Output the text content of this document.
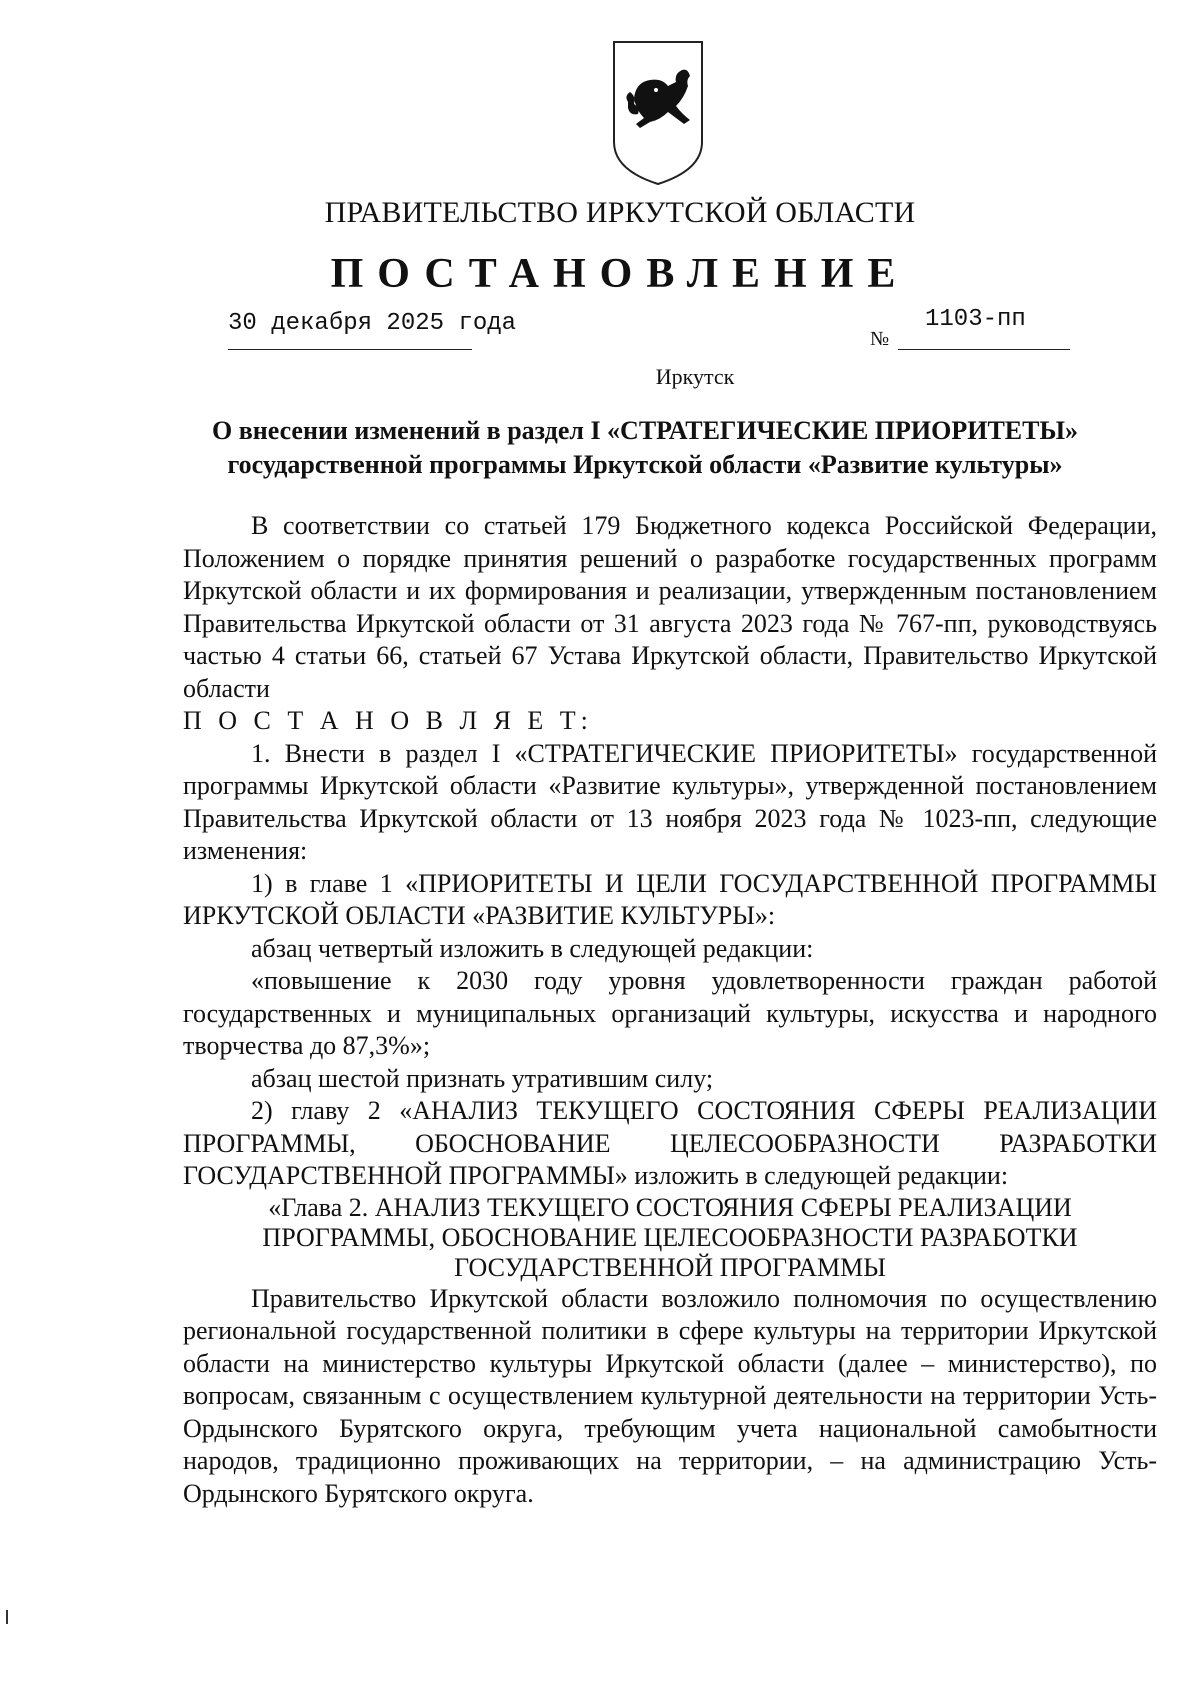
ПРАВИТЕЛЬСТВО ИРКУТСКОЙ ОБЛАСТИ
ПОСТАНОВЛЕНИЕ
30 декабря 2025 года
№
1103-пп
Иркутск
О внесении изменений в раздел I «СТРАТЕГИЧЕСКИЕ ПРИОРИТЕТЫ»
государственной программы Иркутской области «Развитие культуры»

В соответствии со статьей 179 Бюджетного кодекса Российской Федерации, Положением о порядке принятия решений о разработке государственных программ Иркутской области и их формирования и реализации, утвержденным постановлением Правительства Иркутской области от 31 августа 2023 года № 767-пп, руководствуясь частью 4 статьи 66, статьей 67 Устава Иркутской области, Правительство Иркутской области

П О С Т А Н О В Л Я Е Т:

1. Внести в раздел I «СТРАТЕГИЧЕСКИЕ ПРИОРИТЕТЫ» государственной программы Иркутской области «Развитие культуры», утвержденной постановлением Правительства Иркутской области от 13 ноября 2023 года № 1023-пп, следующие изменения:

1) в главе 1 «ПРИОРИТЕТЫ И ЦЕЛИ ГОСУДАРСТВЕННОЙ ПРОГРАММЫ ИРКУТСКОЙ ОБЛАСТИ «РАЗВИТИЕ КУЛЬТУРЫ»:

абзац четвертый изложить в следующей редакции:

«повышение к 2030 году уровня удовлетворенности граждан работой государственных и муниципальных организаций культуры, искусства и народного творчества до 87,3%»;

абзац шестой признать утратившим силу;

2) главу 2 «АНАЛИЗ ТЕКУЩЕГО СОСТОЯНИЯ СФЕРЫ РЕАЛИЗАЦИИ ПРОГРАММЫ, ОБОСНОВАНИЕ ЦЕЛЕСООБРАЗНОСТИ РАЗРАБОТКИ ГОСУДАРСТВЕННОЙ ПРОГРАММЫ» изложить в следующей редакции:

«Глава 2. АНАЛИЗ ТЕКУЩЕГО СОСТОЯНИЯ СФЕРЫ РЕАЛИЗАЦИИ

ПРОГРАММЫ, ОБОСНОВАНИЕ ЦЕЛЕСООБРАЗНОСТИ РАЗРАБОТКИ

ГОСУДАРСТВЕННОЙ ПРОГРАММЫ

Правительство Иркутской области возложило полномочия по осуществлению региональной государственной политики в сфере культуры на территории Иркутской области на министерство культуры Иркутской области (далее – министерство), по вопросам, связанным с осуществлением культурной деятельности на территории Усть-Ордынского Бурятского округа, требующим учета национальной самобытности народов, традиционно проживающих на территории, – на администрацию Усть-Ордынского Бурятского округа.
